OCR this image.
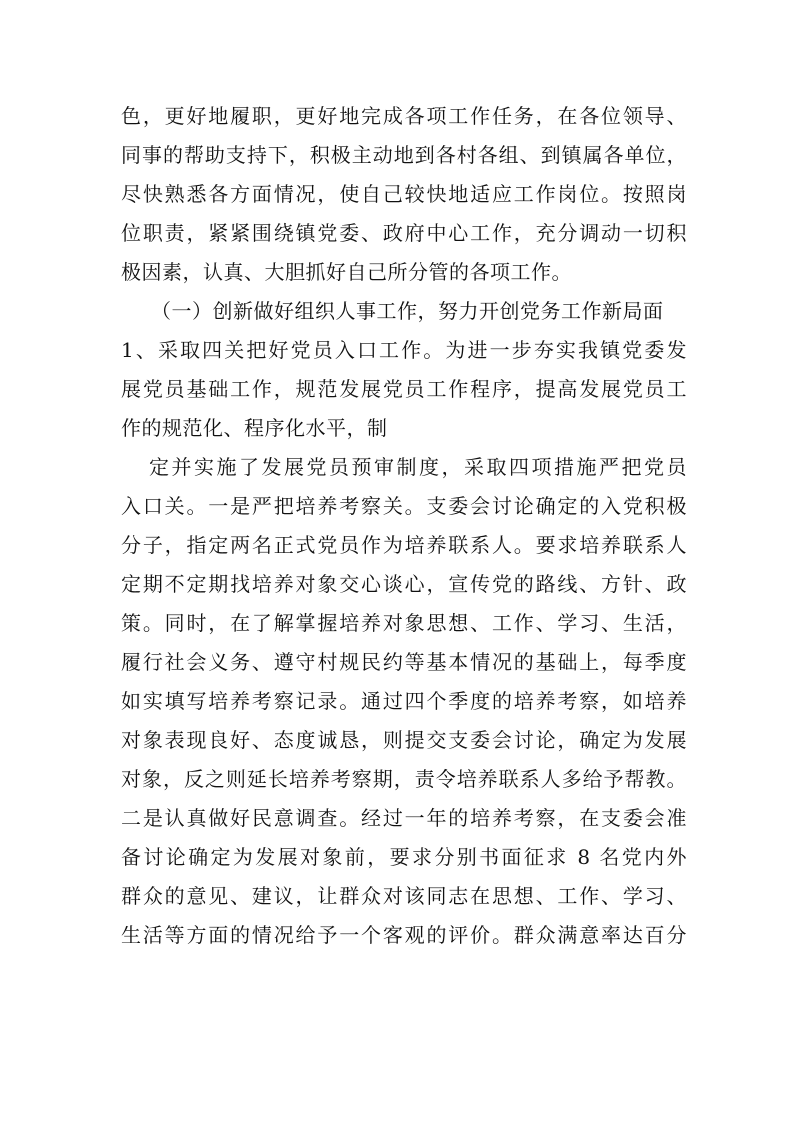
色，更好地履职，更好地完成各项工作任务，在各位领导、
同事的帮助支持下，积极主动地到各村各组、到镇属各单位，
尽快熟悉各方面情况，使自己较快地适应工作岗位。按照岗
位职责，紧紧围绕镇党委、政府中心工作，充分调动一切积
极因素，认真、大胆抓好自己所分管的各项工作。
（一）创新做好组织人事工作，努力开创党务工作新局面
1、采取四关把好党员入口工作。为进一步夯实我镇党委发
展党员基础工作，规范发展党员工作程序，提高发展党员工
作的规范化、程序化水平，制
定并实施了发展党员预审制度，采取四项措施严把党员
入口关。一是严把培养考察关。支委会讨论确定的入党积极
分子，指定两名正式党员作为培养联系人。要求培养联系人
定期不定期找培养对象交心谈心，宣传党的路线、方针、政
策。同时，在了解掌握培养对象思想、工作、学习、生活，
履行社会义务、遵守村规民约等基本情况的基础上，每季度
如实填写培养考察记录。通过四个季度的培养考察，如培养
对象表现良好、态度诚恳，则提交支委会讨论，确定为发展
对象，反之则延长培养考察期，责令培养联系人多给予帮教。
二是认真做好民意调查。经过一年的培养考察，在支委会准
备讨论确定为发展对象前，要求分别书面征求 8 名党内外
群众的意见、建议，让群众对该同志在思想、工作、学习、
生活等方面的情况给予一个客观的评价。群众满意率达百分
